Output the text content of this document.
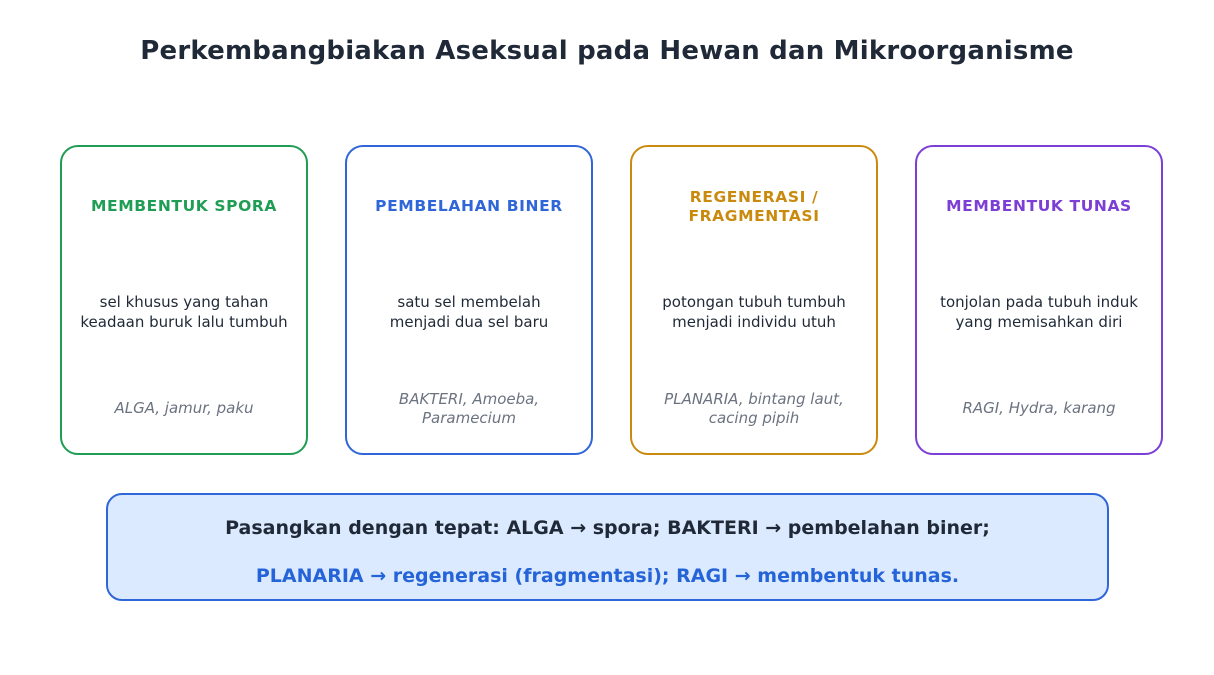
Perkembangbiakan Aseksual pada Hewan dan Mikroorganisme
MEMBENTUK SPORA
sel khusus yang tahan
keadaan buruk lalu tumbuh
ALGA, jamur, paku
PEMBELAHAN BINER
satu sel membelah
menjadi dua sel baru
BAKTERI, Amoeba,
Paramecium
REGENERASI /
FRAGMENTASI
potongan tubuh tumbuh
menjadi individu utuh
PLANARIA, bintang laut,
cacing pipih
MEMBENTUK TUNAS
tonjolan pada tubuh induk
yang memisahkan diri
RAGI, Hydra, karang
Pasangkan dengan tepat: ALGA → spora; BAKTERI → pembelahan biner;
PLANARIA → regenerasi (fragmentasi); RAGI → membentuk tunas.
